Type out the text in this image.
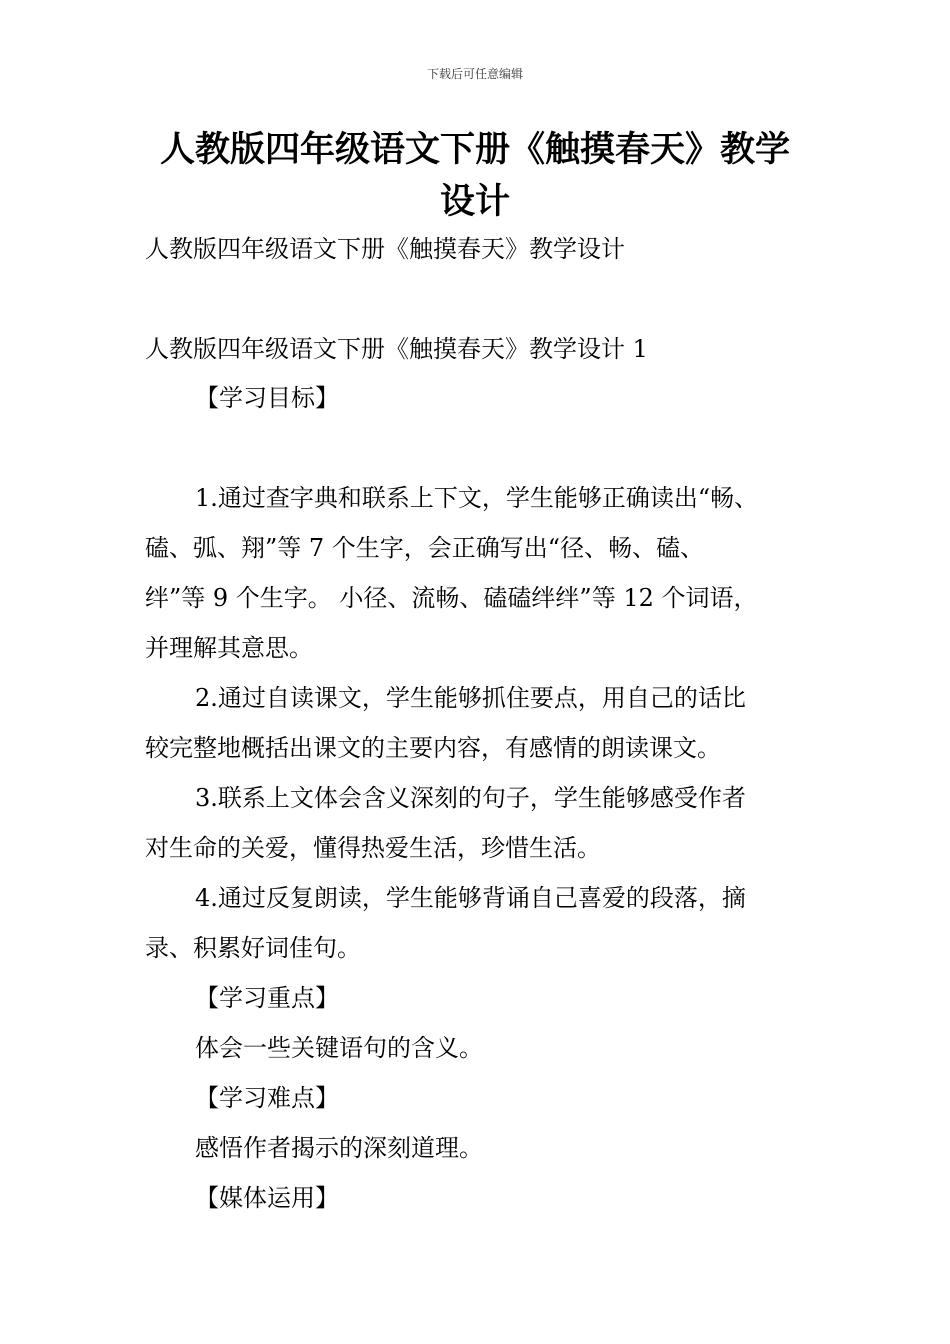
下载后可任意编辑
人教版四年级语文下册《触摸春天》教学
设计

人教版四年级语文下册《触摸春天》教学设计

人教版四年级语文下册《触摸春天》教学设计 1

【学习目标】

1.通过查字典和联系上下文，学生能够正确读出“畅、

磕、弧、翔”等 7 个生字，会正确写出“径、畅、磕、

绊”等 9 个生字。 小径、流畅、磕磕绊绊”等 12 个词语，

并理解其意思。

2.通过自读课文，学生能够抓住要点，用自己的话比

较完整地概括出课文的主要内容，有感情的朗读课文。

3.联系上文体会含义深刻的句子，学生能够感受作者

对生命的关爱，懂得热爱生活，珍惜生活。

4.通过反复朗读，学生能够背诵自己喜爱的段落，摘

录、积累好词佳句。

【学习重点】

体会一些关键语句的含义。

【学习难点】

感悟作者揭示的深刻道理。

【媒体运用】
